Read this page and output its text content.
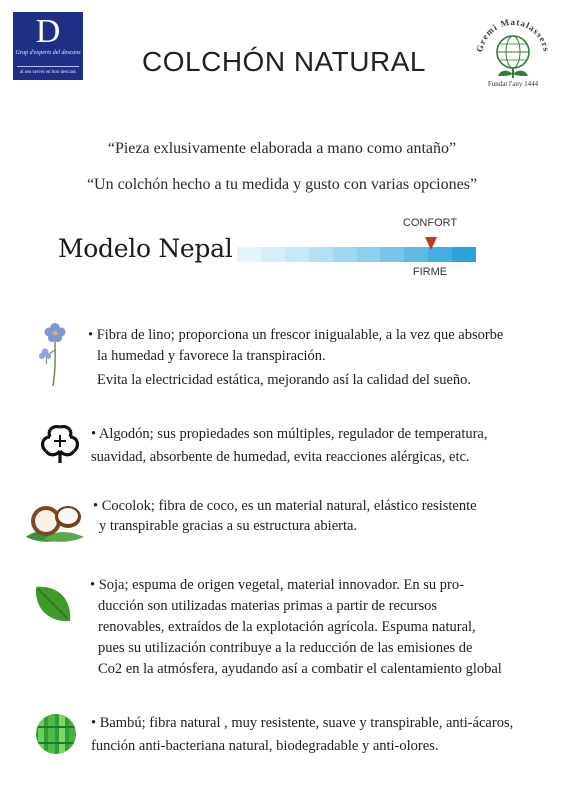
D
Grup d'experts del descans
al seu servei en bon descans	COLCHÓN NATURAL	Gremi Matalassers
Fundat l'any 1444
“Pieza exlusivamente elaborada a mano como antaño”
“Un colchón hecho a tu medida y gusto con varias opciones”
Modelo Nepal
CONFORT
FIRME
• Fibra de lino; proporciona un frescor inigualable, a la vez que absorbe
la humedad y favorece la transpiración.
Evita la electricidad estática, mejorando así la calidad del sueño.
• Algodón; sus propiedades son múltiples, regulador de temperatura,
suavidad, absorbente de humedad, evita reacciones alérgicas, etc.
• Cocolok; fibra de coco, es un material natural, elástico resistente
y transpirable gracias a su estructura abierta.
• Soja; espuma de origen vegetal, material innovador. En su pro-
ducción son utilizadas materias primas a partir de recursos
renovables, extraídos de la explotación agrícola. Espuma natural,
pues su utilización contribuye a la reducción de las emisiones de
Co2 en la atmósfera, ayudando así a combatir el calentamiento global
• Bambú; fibra natural , muy resistente, suave y transpirable, anti-ácaros,
función anti-bacteriana natural, biodegradable y anti-olores.
